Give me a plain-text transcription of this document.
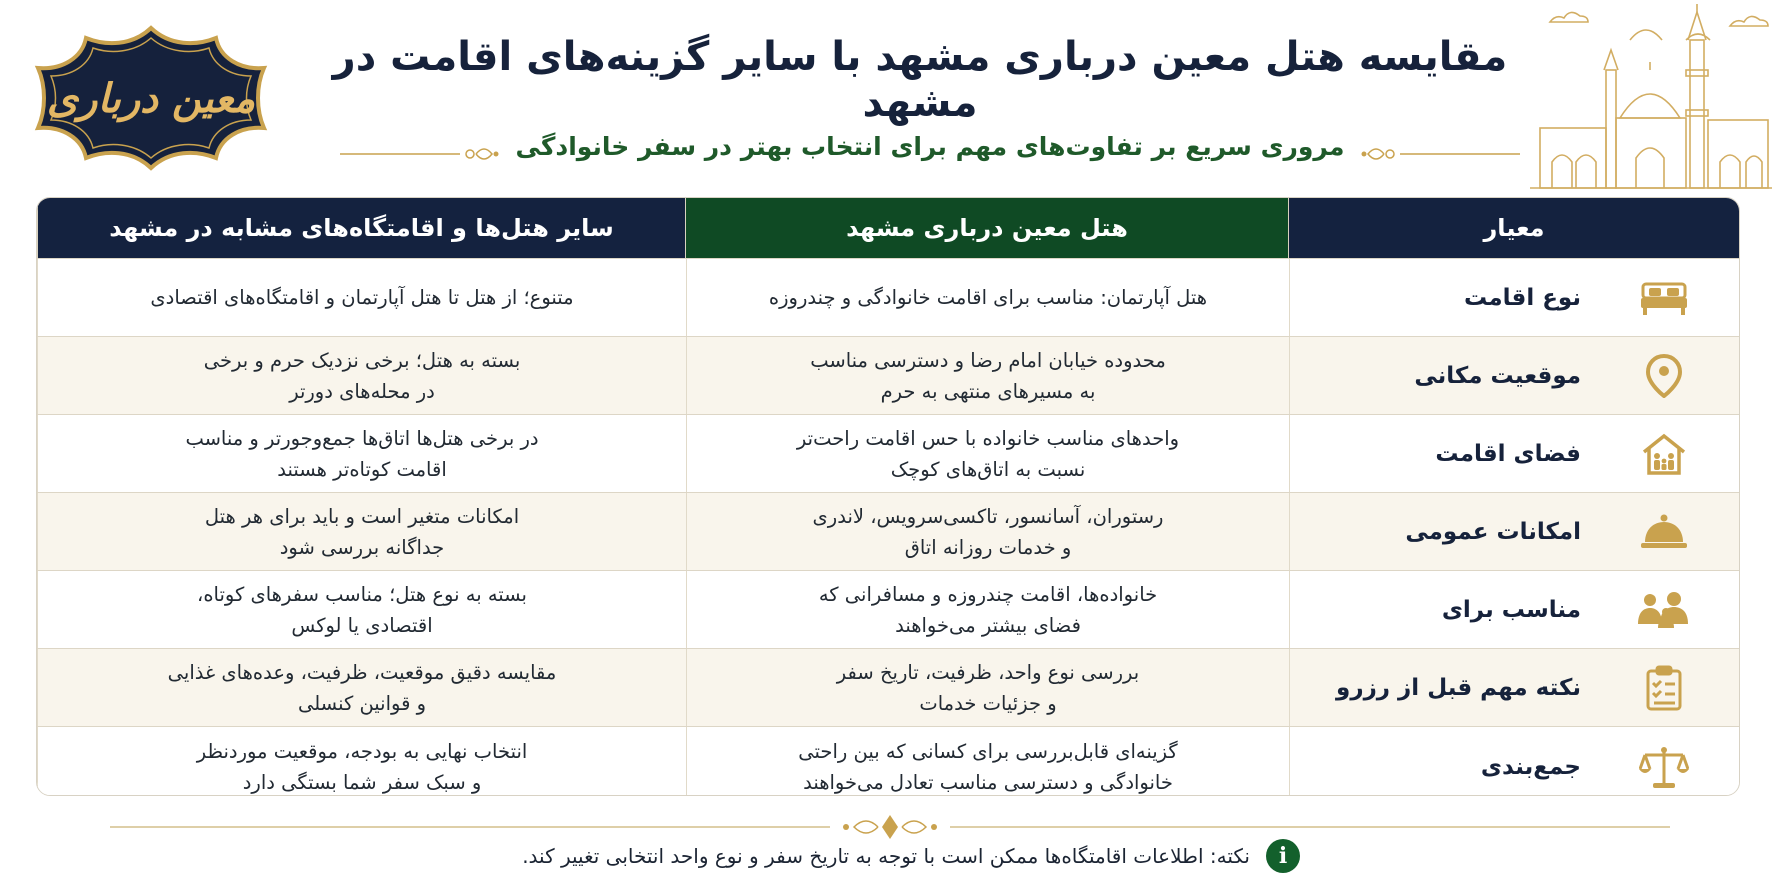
معین درباری
مقایسه هتل معین درباری مشهد با سایر گزینه‌های اقامت در مشهد
مروری سریع بر تفاوت‌های مهم برای انتخاب بهتر در سفر خانوادگی
معیار
هتل معین درباری مشهد
سایر هتل‌ها و اقامتگاه‌های مشابه در مشهد
نوع اقامت
هتل آپارتمان: مناسب برای اقامت خانوادگی و چندروزه
متنوع؛ از هتل تا هتل آپارتمان و اقامتگاه‌های اقتصادی
موقعیت مکانی
محدوده خیابان امام رضا و دسترسی مناسب
به مسیرهای منتهی به حرم
بسته به هتل؛ برخی نزدیک حرم و برخی
در محله‌های دورتر
فضای اقامت
واحدهای مناسب خانواده با حس اقامت راحت‌تر
نسبت به اتاق‌های کوچک
در برخی هتل‌ها اتاق‌ها جمع‌وجورتر و مناسب
اقامت کوتاه‌تر هستند
امکانات عمومی
رستوران، آسانسور، تاکسی‌سرویس، لاندری
و خدمات روزانه اتاق
امکانات متغیر است و باید برای هر هتل
جداگانه بررسی شود
مناسب برای
خانواده‌ها، اقامت چندروزه و مسافرانی که
فضای بیشتر می‌خواهند
بسته به نوع هتل؛ مناسب سفرهای کوتاه،
اقتصادی یا لوکس
نکته مهم قبل از رزرو
بررسی نوع واحد، ظرفیت، تاریخ سفر
و جزئیات خدمات
مقایسه دقیق موقعیت، ظرفیت، وعده‌های غذایی
و قوانین کنسلی
جمع‌بندی
گزینه‌ای قابل‌بررسی برای کسانی که بین راحتی
خانوادگی و دسترسی مناسب تعادل می‌خواهند
انتخاب نهایی به بودجه، موقعیت موردنظر
و سبک سفر شما بستگی دارد
i
نکته: اطلاعات اقامتگاه‌ها ممکن است با توجه به تاریخ سفر و نوع واحد انتخابی تغییر کند.
